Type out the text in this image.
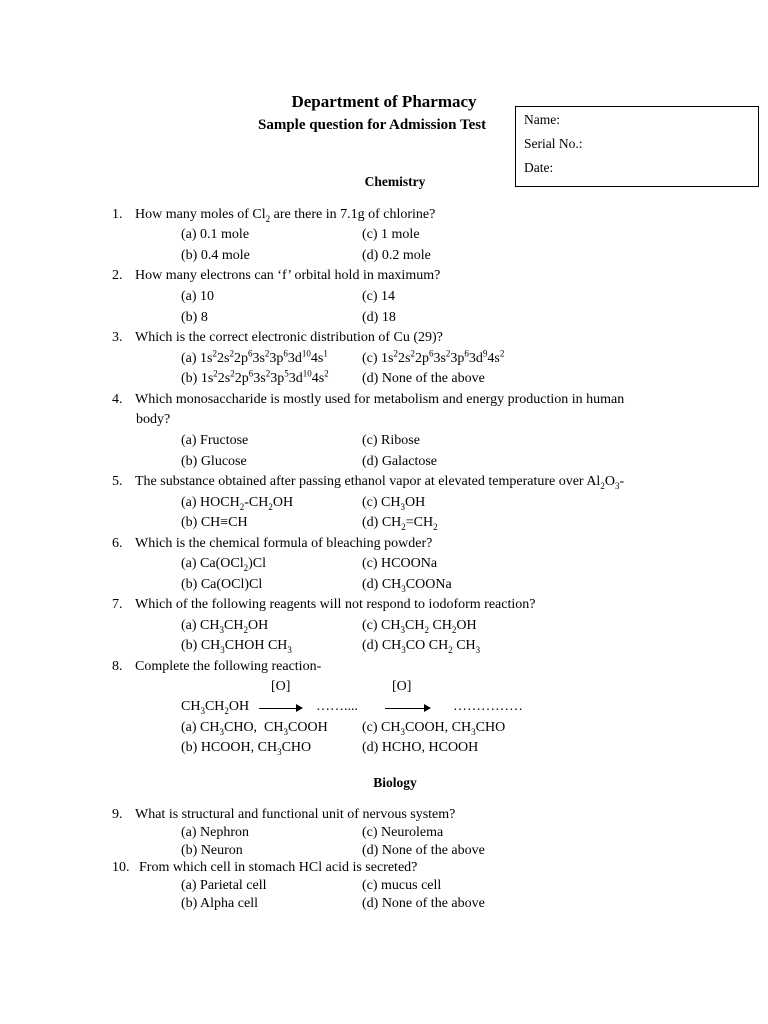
Department of Pharmacy
Sample question for Admission Test	Name:
Serial No.:
Date:
Chemistry
1. How many moles of $Cl_2$ are there in 7.1g of chlorine?
(a) 0.1 mole	(c) 1 mole
(b) 0.4 mole	(d) 0.2 mole
2. How many electrons can ‘f’ orbital hold in maximum?
(a) 10	(c) 14
(b) 8	(d) 18
3. Which is the correct electronic distribution of Cu (29)?
(a) $1s^22s^22p^63s^23p^63d^{10}4s^1$ (c) $1s^22s^22p^63s^23p^63d^94s^2$
(b) $1s^22s^22p^63s^23p^53d^{10}4s^2$ (d) None of the above
4. Which monosaccharide is mostly used for metabolism and energy production in human
body?
(a) Fructose	(c) Ribose
(b) Glucose	(d) Galactose
5. The substance obtained after passing ethanol vapor at elevated temperature over $Al_2O_3-$
(a) $HOCH_2-CH_2OH$	(c) $CH_3OH$
(b) CH≡CH	(d) $CH_2=CH_2$
6. Which is the chemical formula of bleaching powder?
(a) Ca(OCl$_2$)Cl	(c) HCOONa
(b) Ca(OCl)Cl	(d) $CH_3COONa$
7. Which of the following reagents will not respond to iodoform reaction?
(a) $CH_3CH_2OH$	(c) $CH_3CH_2$ $CH_2OH$
(b) $CH_3CHOH$ $CH_3$	(d) $CH_3CO$ $CH_2$ $CH_3$
8. Complete the following reaction-
[O]	[O]
$CH_3CH_2OH$ → …….... → ……………
(a) $CH_3CHO$,  $CH_3COOH$ (c) $CH_3COOH$, $CH_3CHO$
(b) HCOOH, $CH_3CHO$	(d) HCHO, HCOOH
Biology
9. What is structural and functional unit of nervous system?
(a) Nephron	(c) Neurolema
(b) Neuron	(d) None of the above
10. From which cell in stomach HCl acid is secreted?
(a) Parietal cell	(c) mucus cell
(b) Alpha cell	(d) None of the above
